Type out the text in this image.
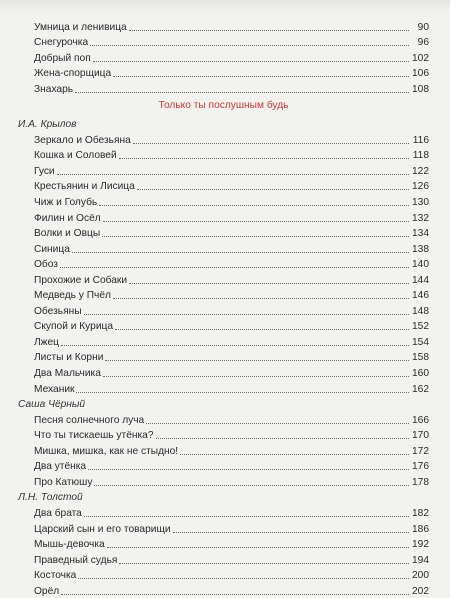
Умница и ленивица	90
Снегурочка	96
Добрый поп	102
Жена-спорщица	106
Знахарь	108
Только ты послушным будь
И.А. Крылов
Зеркало и Обезьяна	116
Кошка и Соловей	118
Гуси	122
Крестьянин и Лисица	126
Чиж и Голубь	130
Филин и Осёл	132
Волки и Овцы	134
Синица	138
Обоз	140
Прохожие и Собаки	144
Медведь у Пчёл	146
Обезьяны	148
Скупой и Курица	152
Лжец	154
Листы и Корни	158
Два Мальчика	160
Механик	162
Саша Чёрный
Песня солнечного луча	166
Что ты тискаешь утёнка?	170
Мишка, мишка, как не стыдно!	172
Два утёнка	176
Про Катюшу	178
Л.Н. Толстой
Два брата	182
Царский сын и его товарищи	186
Мышь-девочка	192
Праведный судья	194
Косточка	200
Орёл	202
